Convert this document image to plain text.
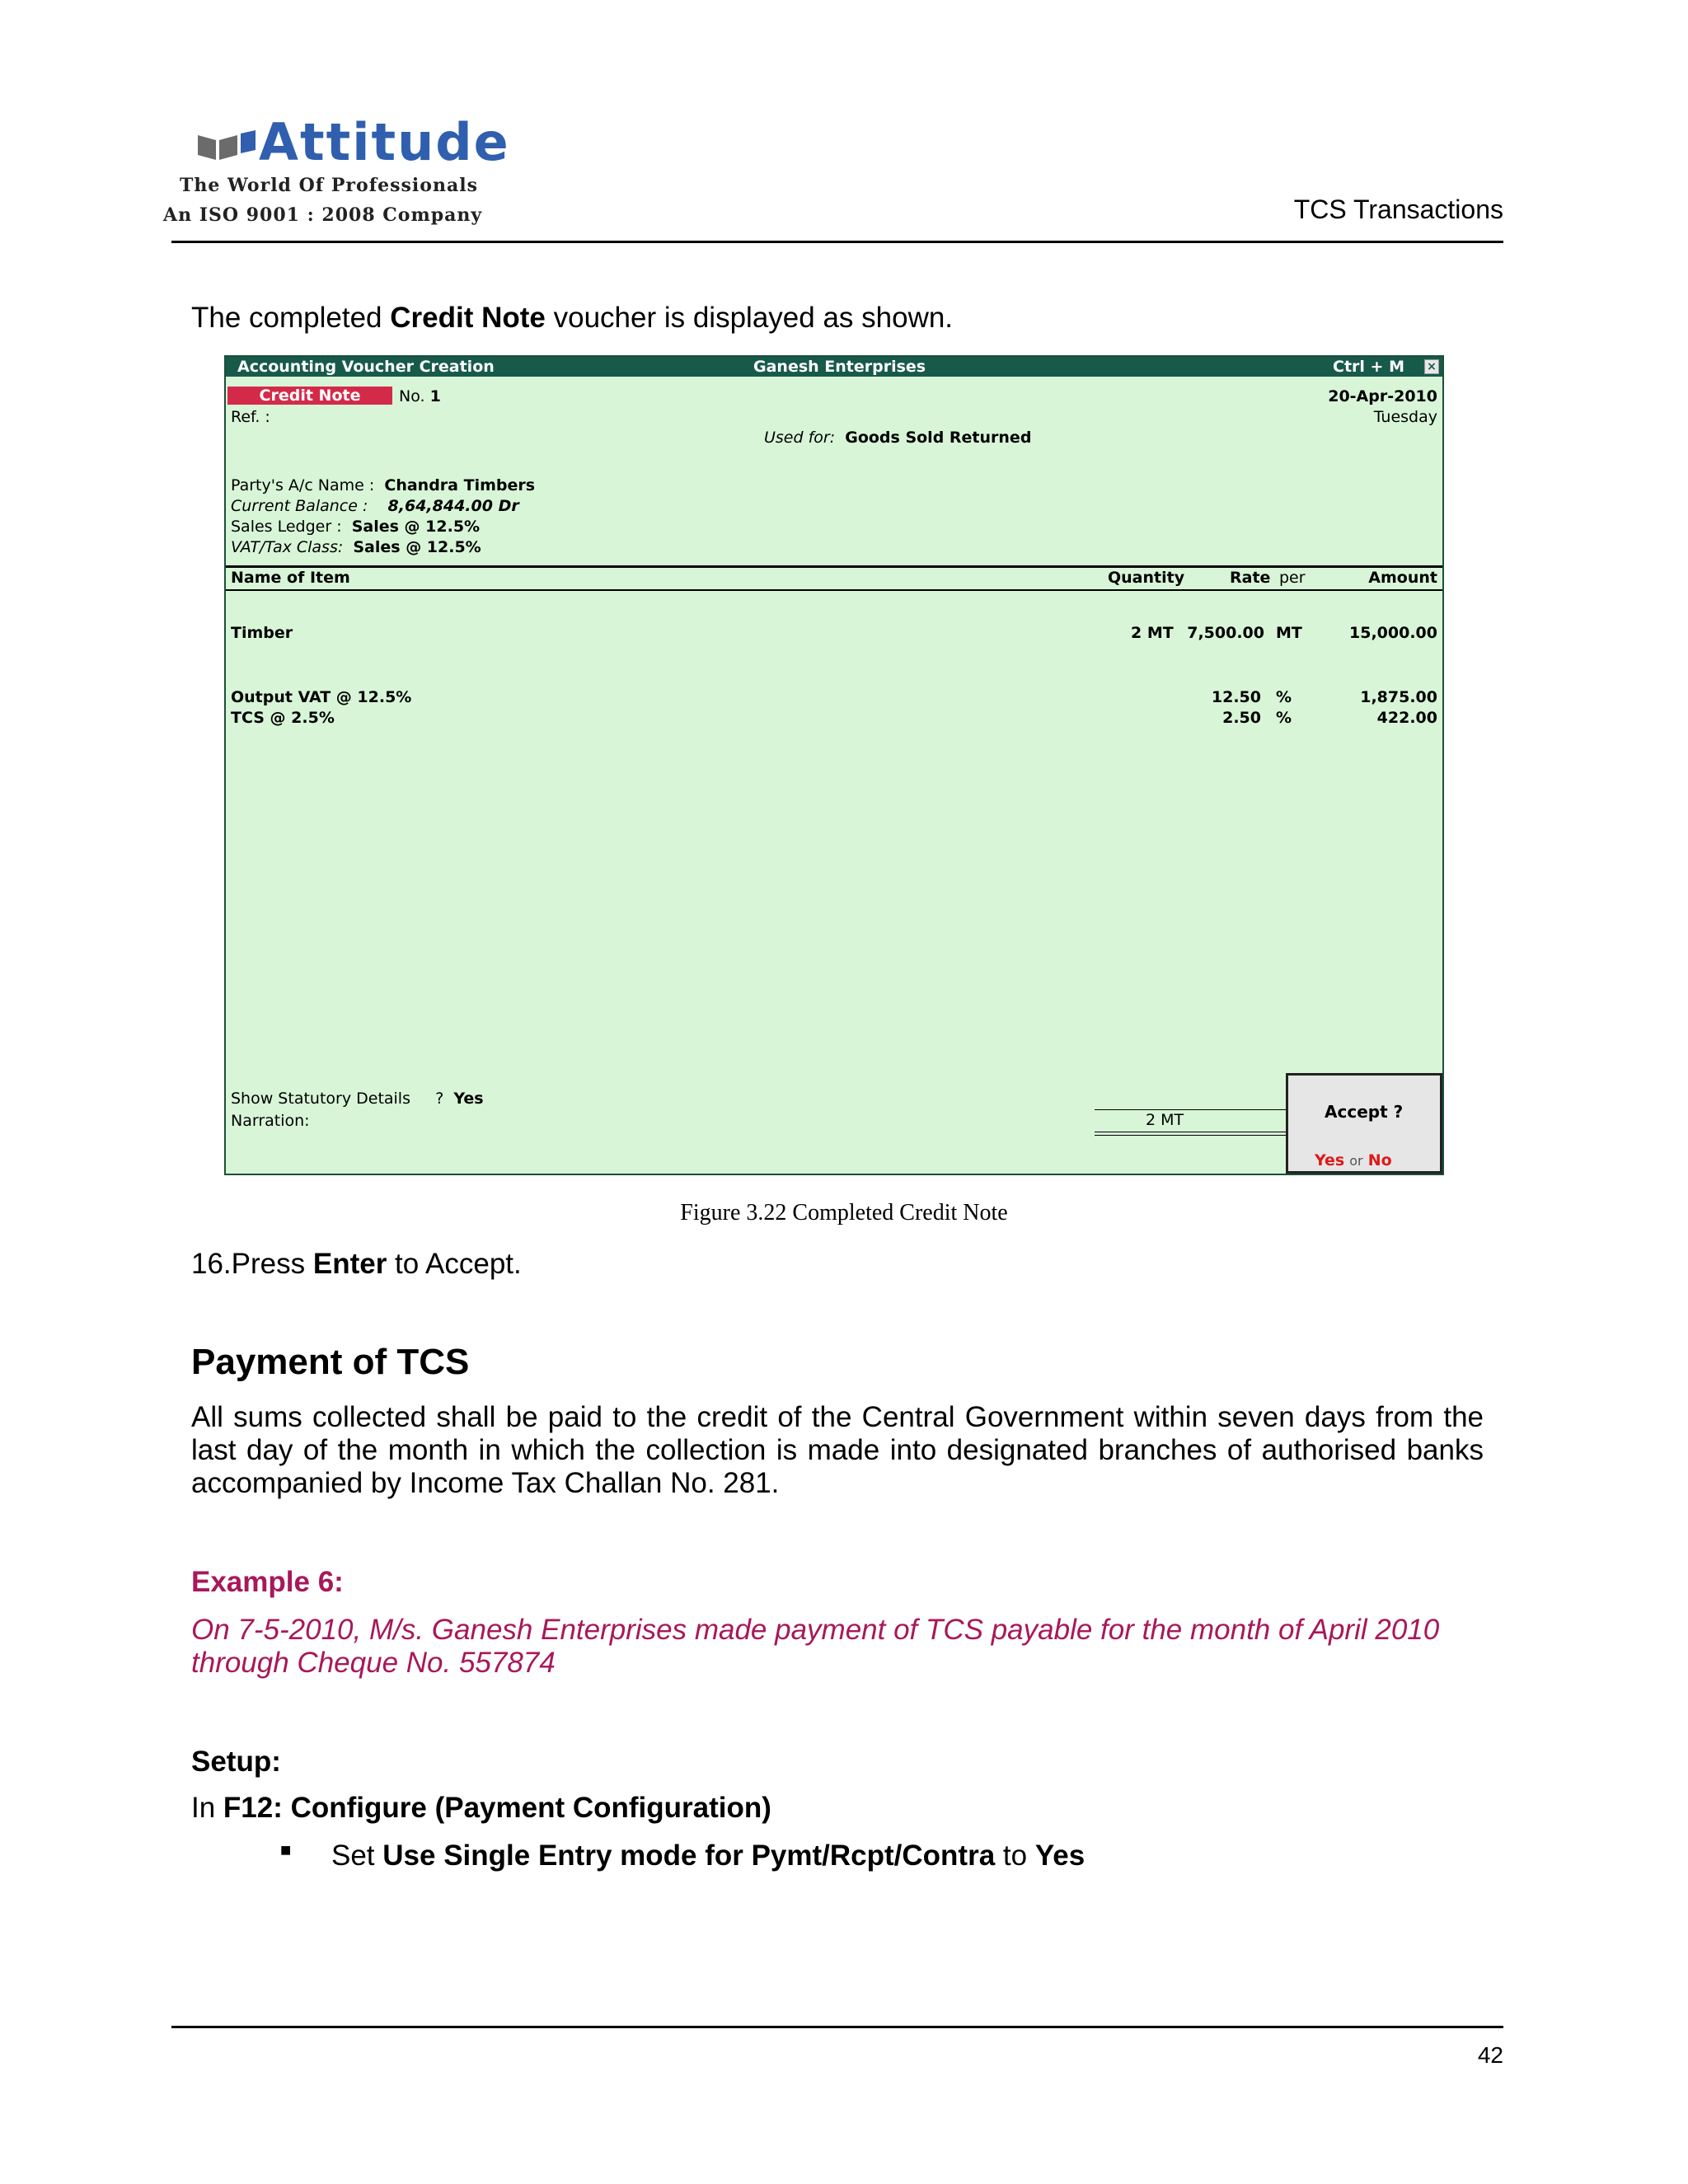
Attitude
The World Of Professionals
An ISO 9001 : 2008 Company	TCS Transactions
The completed Credit Note voucher is displayed as shown.
Accounting Voucher Creation	Ganesh Enterprises	Ctrl + M ×
Credit Note	No. 1	20-Apr-2010
Tuesday
Ref. :
Used for: Goods Sold Returned
Party's A/c Name : Chandra Timbers
Current Balance : 8,64,844.00 Dr
Sales Ledger : Sales @ 12.5%
VAT/Tax Class: Sales @ 12.5%
Name of Item	Quantity	Rate per	Amount
Timber	2 MT 7,500.00 MT	15,000.00
Output VAT @ 12.5%	12.50 %	1,875.00
TCS @ 2.5%	2.50 %	422.00
Show Statutory Details ? Yes
Narration:	2 MT	Accept ?
Yes or No
Figure 3.22 Completed Credit Note
16.Press Enter to Accept.
Payment of TCS
All sums collected shall be paid to the credit of the Central Government within seven days from the last day of the month in which the collection is made into designated branches of authorised banks accompanied by Income Tax Challan No. 281.
Example 6:
On 7-5-2010, M/s. Ganesh Enterprises made payment of TCS payable for the month of April 2010 through Cheque No. 557874
Setup:
In F12: Configure (Payment Configuration)
■ Set Use Single Entry mode for Pymt/Rcpt/Contra to Yes
42
